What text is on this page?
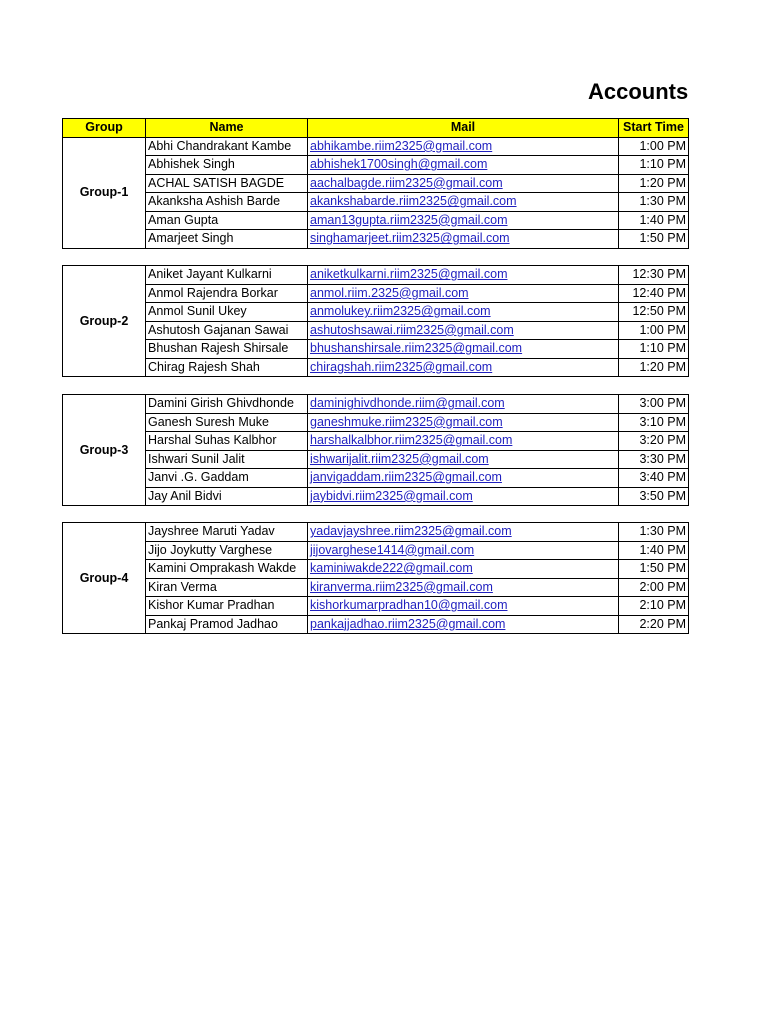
Accounts
Group	Name	Mail	Start Time
Group-1	Abhi Chandrakant Kambe	abhikambe.riim2325@gmail.com	1:00 PM
	Abhishek Singh	abhishek1700singh@gmail.com	1:10 PM
	ACHAL SATISH BAGDE	aachalbagde.riim2325@gmail.com	1:20 PM
	Akanksha Ashish Barde	akankshabarde.riim2325@gmail.com	1:30 PM
	Aman Gupta	aman13gupta.riim2325@gmail.com	1:40 PM
	Amarjeet Singh	singhamarjeet.riim2325@gmail.com	1:50 PM
Group-2	Aniket Jayant Kulkarni	aniketkulkarni.riim2325@gmail.com	12:30 PM
	Anmol Rajendra Borkar	anmol.riim.2325@gmail.com	12:40 PM
	Anmol Sunil Ukey	anmolukey.riim2325@gmail.com	12:50 PM
	Ashutosh Gajanan Sawai	ashutoshsawai.riim2325@gmail.com	1:00 PM
	Bhushan Rajesh Shirsale	bhushanshirsale.riim2325@gmail.com	1:10 PM
	Chirag Rajesh Shah	chiragshah.riim2325@gmail.com	1:20 PM
Group-3	Damini Girish Ghivdhonde	daminighivdhonde.riim@gmail.com	3:00 PM
	Ganesh Suresh Muke	ganeshmuke.riim2325@gmail.com	3:10 PM
	Harshal Suhas Kalbhor	harshalkalbhor.riim2325@gmail.com	3:20 PM
	Ishwari Sunil Jalit	ishwarijalit.riim2325@gmail.com	3:30 PM
	Janvi .G. Gaddam	janvigaddam.riim2325@gmail.com	3:40 PM
	Jay Anil Bidvi	jaybidvi.riim2325@gmail.com	3:50 PM
Group-4	Jayshree Maruti Yadav	yadavjayshree.riim2325@gmail.com	1:30 PM
	Jijo Joykutty Varghese	jijovarghese1414@gmail.com	1:40 PM
	Kamini Omprakash Wakde	kaminiwakde222@gmail.com	1:50 PM
	Kiran Verma	kiranverma.riim2325@gmail.com	2:00 PM
	Kishor Kumar Pradhan	kishorkumarpradhan10@gmail.com	2:10 PM
	Pankaj Pramod Jadhao	pankajjadhao.riim2325@gmail.com	2:20 PM
